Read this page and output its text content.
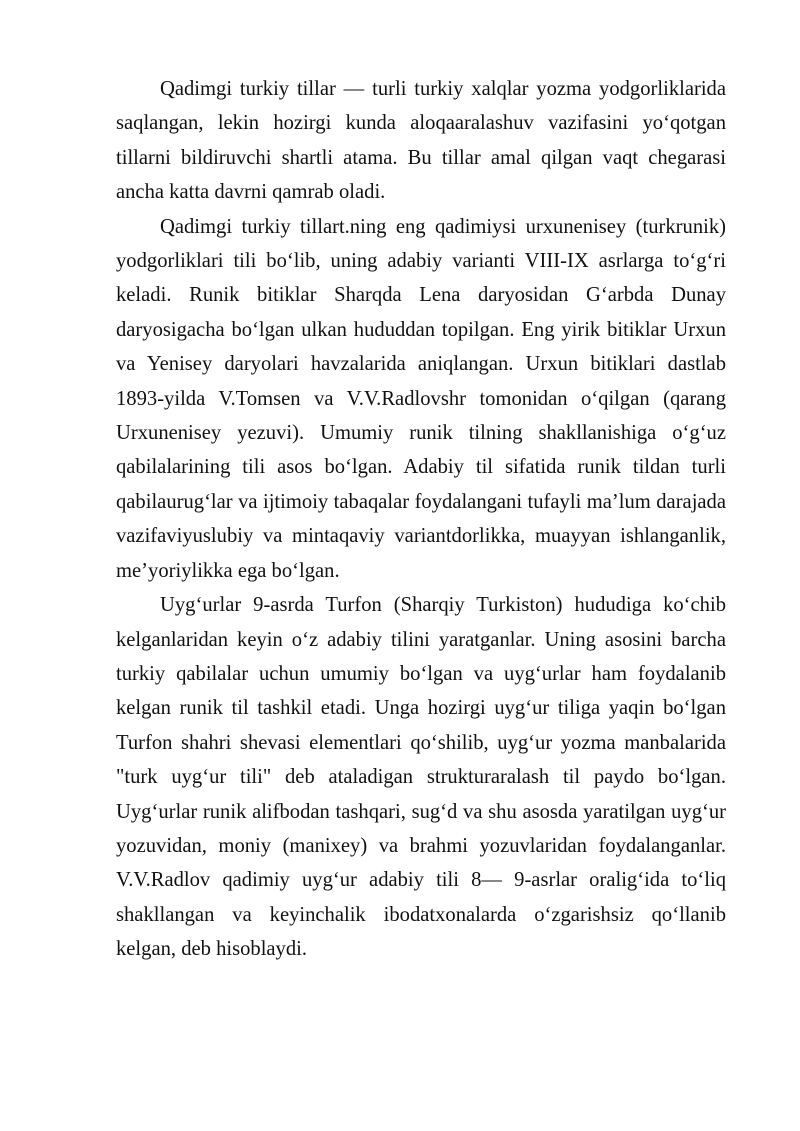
Qadimgi turkiy tillar — turli turkiy xalqlar yozma yodgorliklarida saqlangan, lekin hozirgi kunda aloqaaralashuv vazifasini yo‘qotgan tillarni bildiruvchi shartli atama. Bu tillar amal qilgan vaqt chegarasi ancha katta davrni qamrab oladi.

Qadimgi turkiy tillart.ning eng qadimiysi urxunenisey (turkrunik) yodgorliklari tili bo‘lib, uning adabiy varianti VIII-IX asrlarga to‘g‘ri keladi. Runik bitiklar Sharqda Lena daryosidan G‘arbda Dunay daryosigacha bo‘lgan ulkan hududdan topilgan. Eng yirik bitiklar Urxun va Yenisey daryolari havzalarida aniqlangan. Urxun bitiklari dastlab 1893-yilda V.Tomsen va V.V.Radlovshr tomonidan o‘qilgan (qarang Urxunenisey yezuvi). Umumiy runik tilning shakllanishiga o‘g‘uz qabilalarining tili asos bo‘lgan. Adabiy til sifatida runik tildan turli qabilaurug‘lar va ijtimoiy tabaqalar foydalangani tufayli ma’lum darajada vazifaviyuslubiy va mintaqaviy variantdorlikka, muayyan ishlanganlik, me’yoriylikka ega bo‘lgan.

Uyg‘urlar 9-asrda Turfon (Sharqiy Turkiston) hududiga ko‘chib kelganlaridan keyin o‘z adabiy tilini yaratganlar. Uning asosini barcha turkiy qabilalar uchun umumiy bo‘lgan va uyg‘urlar ham foydalanib kelgan runik til tashkil etadi. Unga hozirgi uyg‘ur tiliga yaqin bo‘lgan Turfon shahri shevasi elementlari qo‘shilib, uyg‘ur yozma manbalarida "turk uyg‘ur tili" deb ataladigan strukturaralash til paydo bo‘lgan. Uyg‘urlar runik alifbodan tashqari, sug‘d va shu asosda yaratilgan uyg‘ur yozuvidan, moniy (manixey) va brahmi yozuvlaridan foydalanganlar. V.V.Radlov qadimiy uyg‘ur adabiy tili 8— 9-asrlar oralig‘ida to‘liq shakllangan va keyinchalik ibodatxonalarda o‘zgarishsiz qo‘llanib kelgan, deb hisoblaydi.
